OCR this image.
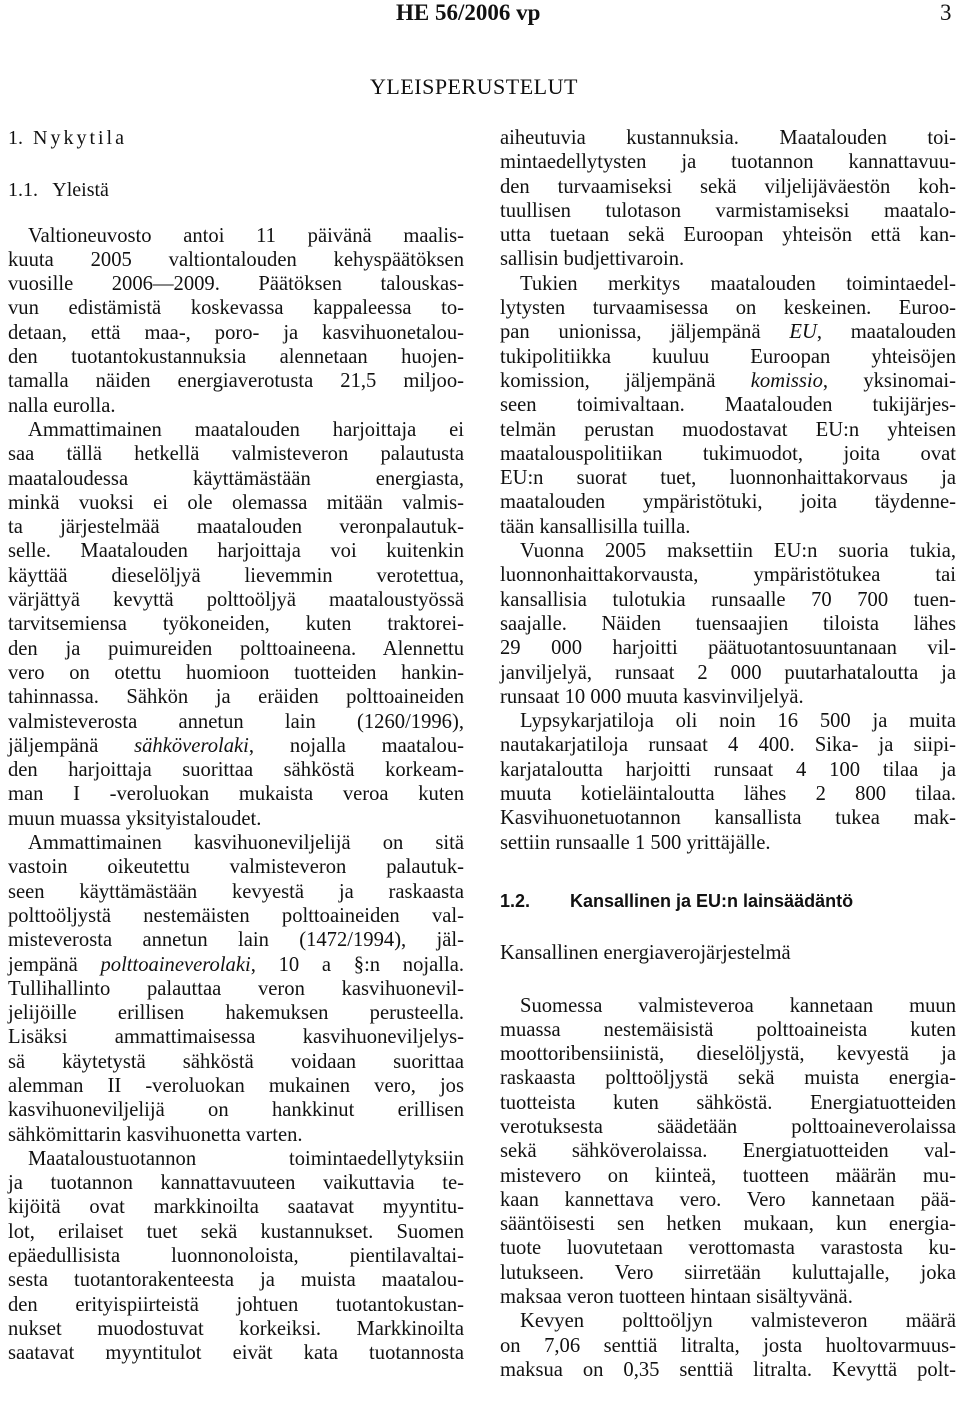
HE 56/2006 vp	3
YLEISPERUSTELUT
1. Nykytila
1.1. Yleistä

Valtioneuvosto antoi 11 päivänä maalis-
kuuta 2005 valtiontalouden kehyspäätöksen
vuosille 2006—2009. Päätöksen talouskas-
vun edistämistä koskevassa kappaleessa to-
detaan, että maa-, poro- ja kasvihuonetalou-
den tuotantokustannuksia alennetaan huojen-
tamalla näiden energiaverotusta 21,5 miljoo-
nalla eurolla.

Ammattimainen maatalouden harjoittaja ei
saa tällä hetkellä valmisteveron palautusta
maataloudessa käyttämästään energiasta,
minkä vuoksi ei ole olemassa mitään valmis-
ta järjestelmää maatalouden veronpalautuk-
selle. Maatalouden harjoittaja voi kuitenkin
käyttää dieselöljyä lievemmin verotettua,
värjättyä kevyttä polttoöljyä maataloustyössä
tarvitsemiensa työkoneiden, kuten traktorei-
den ja puimureiden polttoaineena. Alennettu
vero on otettu huomioon tuotteiden hankin-
tahinnassa. Sähkön ja eräiden polttoaineiden
valmisteverosta annetun lain (1260/1996),
jäljempänä sähköverolaki, nojalla maatalou-
den harjoittaja suorittaa sähköstä korkeam-
man I -veroluokan mukaista veroa kuten
muun muassa yksityistaloudet.

Ammattimainen kasvihuoneviljelijä on sitä
vastoin oikeutettu valmisteveron palautuk-
seen käyttämästään kevyestä ja raskaasta
polttoöljystä nestemäisten polttoaineiden val-
misteverosta annetun lain (1472/1994), jäl-
jempänä polttoaineverolaki, 10 a §:n nojalla.
Tullihallinto palauttaa veron kasvihuonevil-
jelijöille erillisen hakemuksen perusteella.
Lisäksi ammattimaisessa kasvihuoneviljelys-
sä käytetystä sähköstä voidaan suorittaa
alemman II -veroluokan mukainen vero, jos
kasvihuoneviljelijä on hankkinut erillisen
sähkömittarin kasvihuonetta varten.

Maataloustuotannon toimintaedellytyksiin
ja tuotannon kannattavuuteen vaikuttavia te-
kijöitä ovat markkinoilta saatavat myyntitu-
lot, erilaiset tuet sekä kustannukset. Suomen
epäedullisista luonnonoloista, pientilavaltai-
sesta tuotantorakenteesta ja muista maatalou-
den erityispiirteistä johtuen tuotantokustan-
nukset muodostuvat korkeiksi. Markkinoilta
saatavat myyntitulot eivät kata tuotannosta

aiheutuvia kustannuksia. Maatalouden toi-
mintaedellytysten ja tuotannon kannattavuu-
den turvaamiseksi sekä viljelijäväestön koh-
tuullisen tulotason varmistamiseksi maatalo-
utta tuetaan sekä Euroopan yhteisön että kan-
sallisin budjettivaroin.

Tukien merkitys maatalouden toimintaedel-
lytysten turvaamisessa on keskeinen. Euroo-
pan unionissa, jäljempänä EU, maatalouden
tukipolitiikka kuuluu Euroopan yhteisöjen
komission, jäljempänä komissio, yksinomai-
seen toimivaltaan. Maatalouden tukijärjes-
telmän perustan muodostavat EU:n yhteisen
maatalouspolitiikan tukimuodot, joita ovat
EU:n suorat tuet, luonnonhaittakorvaus ja
maatalouden ympäristötuki, joita täydenne-
tään kansallisilla tuilla.

Vuonna 2005 maksettiin EU:n suoria tukia,
luonnonhaittakorvausta, ympäristötukea tai
kansallisia tulotukia runsaalle 70 700 tuen-
saajalle. Näiden tuensaajien tiloista lähes
29 000 harjoitti päätuotantosuuntanaan vil-
janviljelyä, runsaat 2 000 puutarhataloutta ja
runsaat 10 000 muuta kasvinviljelyä.

Lypsykarjatiloja oli noin 16 500 ja muita
nautakarjatiloja runsaat 4 400. Sika- ja siipi-
karjataloutta harjoitti runsaat 4 100 tilaa ja
muuta kotieläintaloutta lähes 2 800 tilaa.
Kasvihuonetuotannon kansallista tukea mak-
settiin runsaalle 1 500 yrittäjälle.

1.2. Kansallinen ja EU:n lainsäädäntö
Kansallinen energiaverojärjestelmä

Suomessa valmisteveroa kannetaan muun
muassa nestemäisistä polttoaineista kuten
moottoribensiinistä, dieselöljystä, kevyestä ja
raskaasta polttoöljystä sekä muista energia-
tuotteista kuten sähköstä. Energiatuotteiden
verotuksesta säädetään polttoaineverolaissa
sekä sähköverolaissa. Energiatuotteiden val-
misteverο on kiinteä, tuotteen määrän mu-
kaan kannettava vero. Vero kannetaan pää-
sääntöisesti sen hetken mukaan, kun energia-
tuote luovutetaan verottomasta varastosta ku-
lutukseen. Vero siirretään kuluttajalle, joka
maksaa veron tuotteen hintaan sisältyvänä.

Kevyen polttoöljyn valmisteveron määrä
on 7,06 senttiä litralta, josta huoltovarmuus-
maksua on 0,35 senttiä litralta. Kevyttä polt-
